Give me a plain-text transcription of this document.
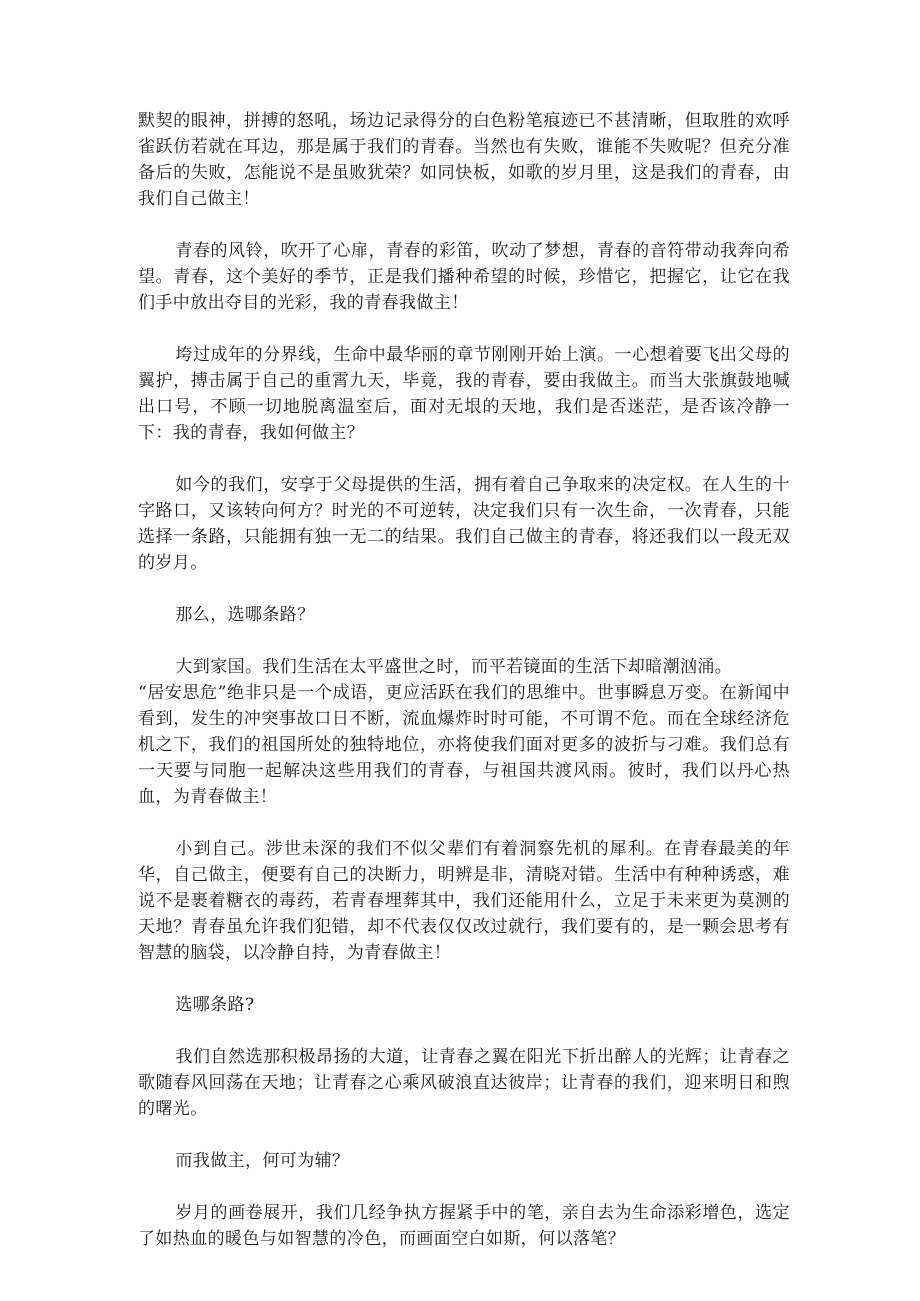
默契的眼神，拼搏的怒吼，场边记录得分的白色粉笔痕迹已不甚清晰，但取胜的欢呼雀跃仿若就在耳边，那是属于我们的青春。当然也有失败，谁能不失败呢？但充分准备后的失败，怎能说不是虽败犹荣？如同快板，如歌的岁月里，这是我们的青春，由我们自己做主！

青春的风铃，吹开了心扉，青春的彩笛，吹动了梦想，青春的音符带动我奔向希望。青春，这个美好的季节，正是我们播种希望的时候，珍惜它，把握它，让它在我们手中放出夺目的光彩，我的青春我做主！

垮过成年的分界线，生命中最华丽的章节刚刚开始上演。一心想着要飞出父母的翼护，搏击属于自己的重霄九天，毕竟，我的青春，要由我做主。而当大张旗鼓地喊出口号，不顾一切地脱离温室后，面对无垠的天地，我们是否迷茫，是否该冷静一下：我的青春，我如何做主？

如今的我们，安享于父母提供的生活，拥有着自己争取来的决定权。在人生的十字路口，又该转向何方？时光的不可逆转，决定我们只有一次生命，一次青春，只能选择一条路，只能拥有独一无二的结果。我们自己做主的青春，将还我们以一段无双的岁月。

那么，选哪条路？

大到家国。我们生活在太平盛世之时，而平若镜面的生活下却暗潮汹涌。
“居安思危”绝非只是一个成语，更应活跃在我们的思维中。世事瞬息万变。在新闻中看到，发生的冲突事故口日不断，流血爆炸时时可能，不可谓不危。而在全球经济危机之下，我们的祖国所处的独特地位，亦将使我们面对更多的波折与刁难。我们总有一天要与同胞一起解决这些用我们的青春，与祖国共渡风雨。彼时，我们以丹心热血，为青春做主！

小到自己。涉世未深的我们不似父辈们有着洞察先机的犀利。在青春最美的年华，自己做主，便要有自己的决断力，明辨是非，清晓对错。生活中有种种诱惑，难说不是裹着糖衣的毒药，若青春埋葬其中，我们还能用什么，立足于未来更为莫测的天地？青春虽允许我们犯错，却不代表仅仅改过就行，我们要有的，是一颗会思考有智慧的脑袋，以冷静自持，为青春做主！

选哪条路?

我们自然选那积极昂扬的大道，让青春之翼在阳光下折出醉人的光辉；让青春之歌随春风回荡在天地；让青春之心乘风破浪直达彼岸；让青春的我们，迎来明日和煦的曙光。

而我做主，何可为辅？

岁月的画卷展开，我们几经争执方握紧手中的笔，亲自去为生命添彩增色，选定了如热血的暖色与如智慧的冷色，而画面空白如斯，何以落笔？
